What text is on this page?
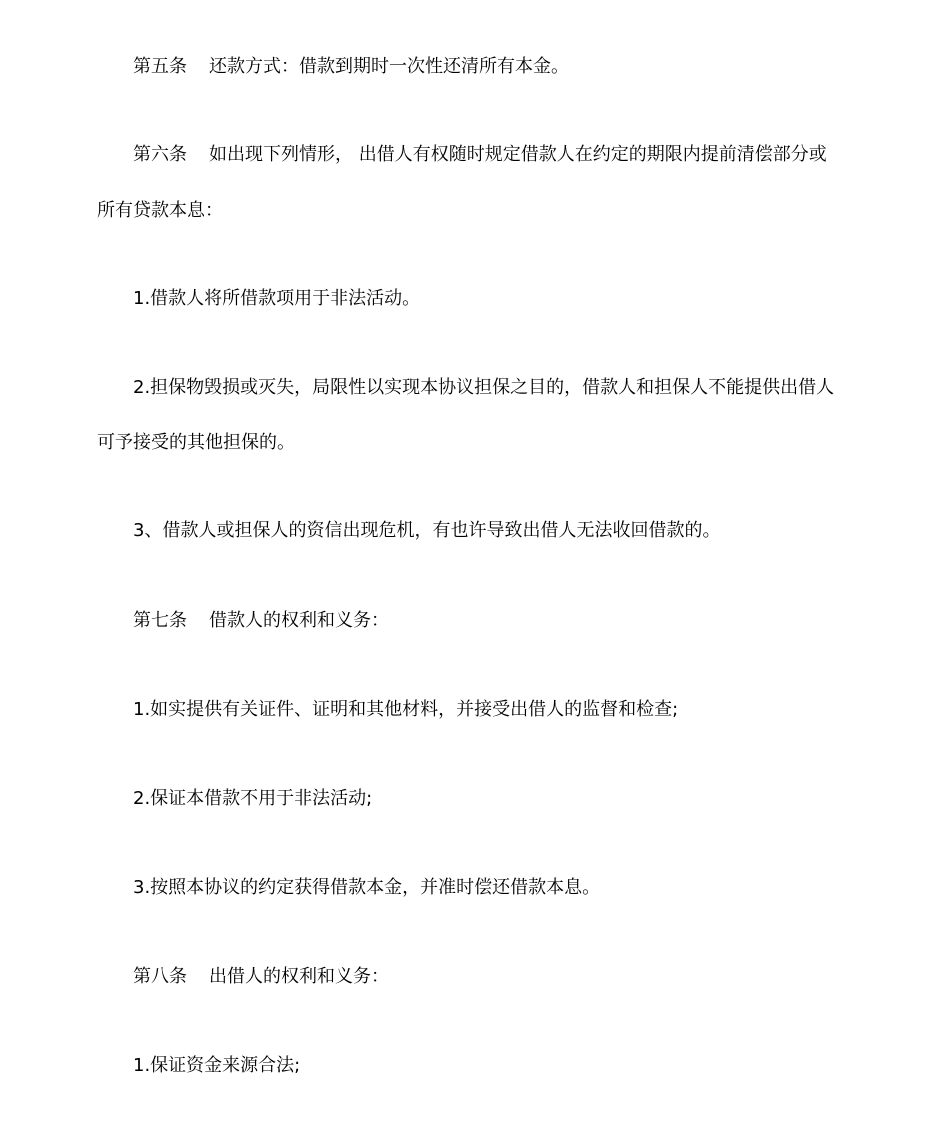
第五条 还款方式：借款到期时一次性还清所有本金。
第六条 如出现下列情形， 出借人有权随时规定借款人在约定的期限内提前清偿部分或
所有贷款本息：
1.借款人将所借款项用于非法活动。
2.担保物毁损或灭失，局限性以实现本协议担保之目的，借款人和担保人不能提供出借人
可予接受的其他担保的。
3、借款人或担保人的资信出现危机，有也许导致出借人无法收回借款的。
第七条 借款人的权利和义务：
1.如实提供有关证件、证明和其他材料，并接受出借人的监督和检查;
2.保证本借款不用于非法活动;
3.按照本协议的约定获得借款本金，并准时偿还借款本息。
第八条 出借人的权利和义务：
1.保证资金来源合法;
